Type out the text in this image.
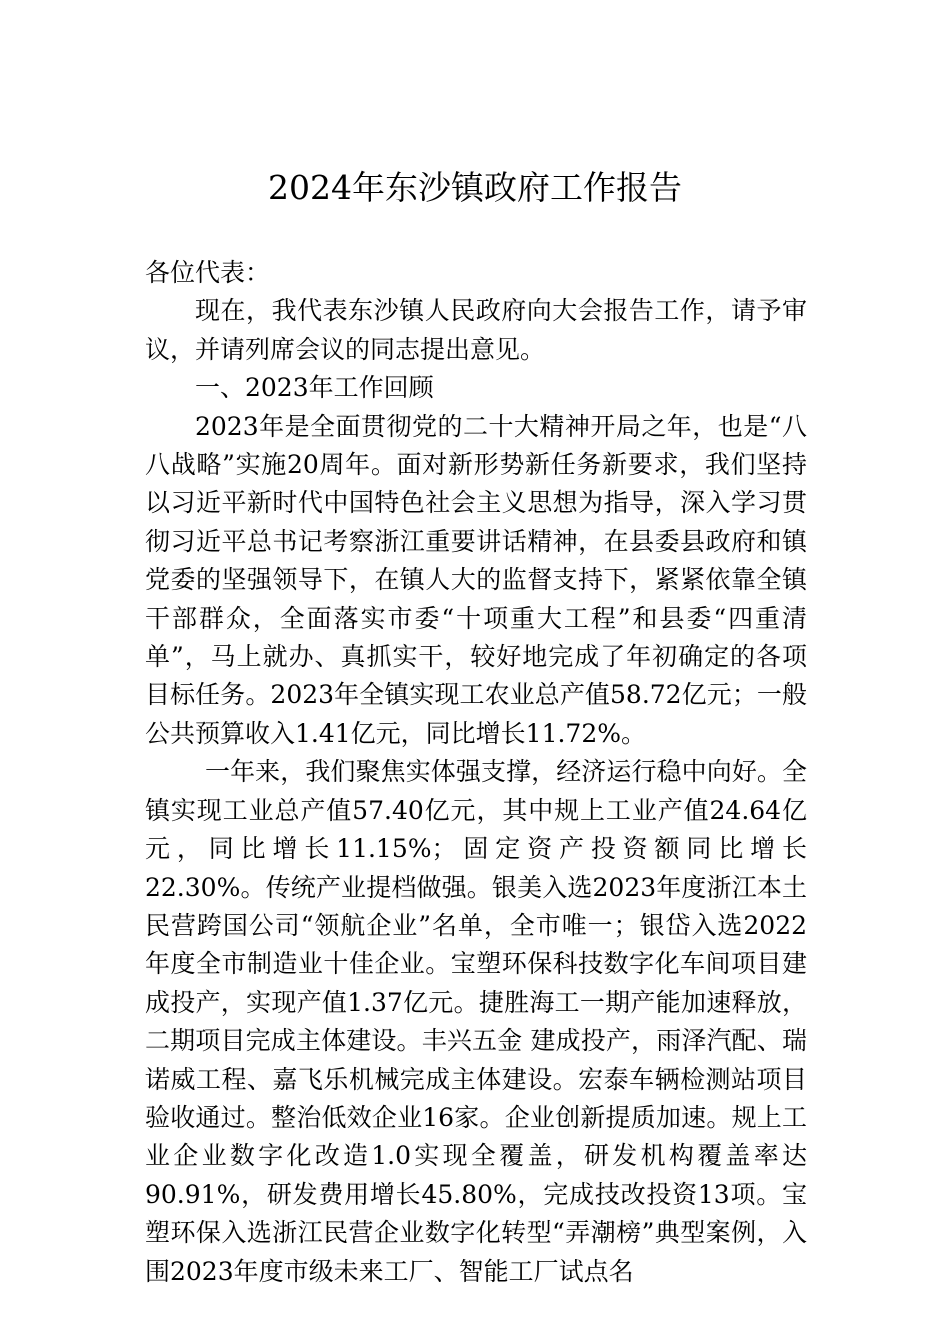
2024年东沙镇政府工作报告

各位代表：

现在，我代表东沙镇人民政府向大会报告工作，请予审议，并请列席会议的同志提出意见。

一、2023年工作回顾

2023年是全面贯彻党的二十大精神开局之年，也是“八八战略”实施20周年。面对新形势新任务新要求，我们坚持以习近平新时代中国特色社会主义思想为指导，深入学习贯彻习近平总书记考察浙江重要讲话精神，在县委县政府和镇党委的坚强领导下，在镇人大的监督支持下，紧紧依靠全镇干部群众，全面落实市委“十项重大工程”和县委“四重清单”，马上就办、真抓实干，较好地完成了年初确定的各项目标任务。2023年全镇实现工农业总产值58.72亿元；一般公共预算收入1.41亿元，同比增长11.72%。

一年来，我们聚焦实体强支撑，经济运行稳中向好。全镇实现工业总产值57.40亿元，其中规上工业产值24.64亿元，同比增长11.15%；固定资产投资额同比增长22.30%。传统产业提档做强。银美入选2023年度浙江本土民营跨国公司“领航企业”名单，全市唯一；银岱入选2022年度全市制造业十佳企业。宝塑环保科技数字化车间项目建成投产，实现产值1.37亿元。捷胜海工一期产能加速释放，二期项目完成主体建设。丰兴五金 建成投产，雨泽汽配、瑞诺威工程、嘉飞乐机械完成主体建设。宏泰车辆检测站项目验收通过。整治低效企业16家。企业创新提质加速。规上工业企业数字化改造1.0实现全覆盖，研发机构覆盖率达90.91%，研发费用增长45.80%，完成技改投资13项。宝塑环保入选浙江民营企业数字化转型“弄潮榜”典型案例，入围2023年度市级未来工厂、智能工厂试点名
